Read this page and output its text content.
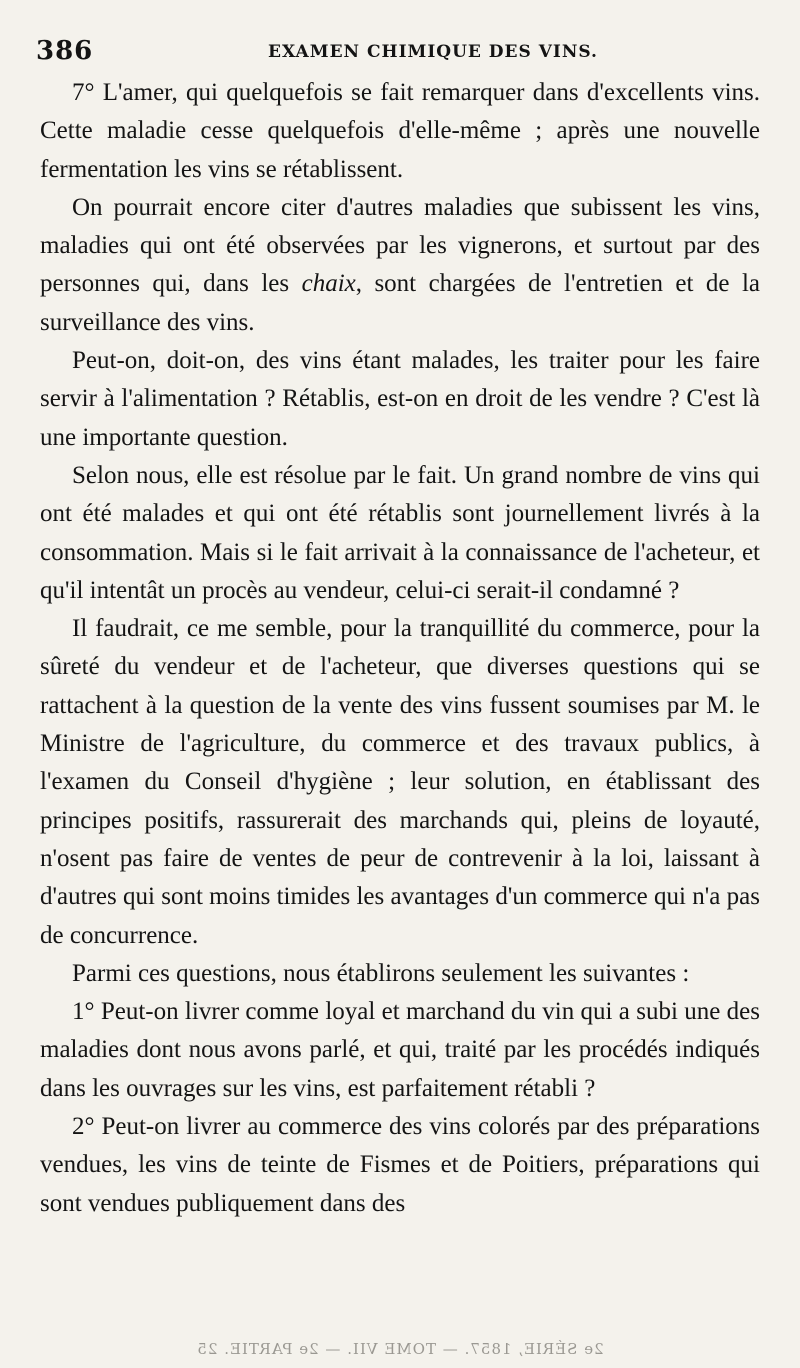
386	EXAMEN CHIMIQUE DES VINS.

7° L'amer, qui quelquefois se fait remarquer dans d'excellents vins. Cette maladie cesse quelquefois d'elle-même ; après une nouvelle fermentation les vins se rétablissent.

On pourrait encore citer d'autres maladies que subissent les vins, maladies qui ont été observées par les vignerons, et surtout par des personnes qui, dans les chaix, sont chargées de l'entretien et de la surveillance des vins.

Peut-on, doit-on, des vins étant malades, les traiter pour les faire servir à l'alimentation ? Rétablis, est-on en droit de les vendre ? C'est là une importante question.

Selon nous, elle est résolue par le fait. Un grand nombre de vins qui ont été malades et qui ont été rétablis sont journellement livrés à la consommation. Mais si le fait arrivait à la connaissance de l'acheteur, et qu'il intentât un procès au vendeur, celui-ci serait-il condamné ?

Il faudrait, ce me semble, pour la tranquillité du commerce, pour la sûreté du vendeur et de l'acheteur, que diverses questions qui se rattachent à la question de la vente des vins fussent soumises par M. le Ministre de l'agriculture, du commerce et des travaux publics, à l'examen du Conseil d'hygiène ; leur solution, en établissant des principes positifs, rassurerait des marchands qui, pleins de loyauté, n'osent pas faire de ventes de peur de contrevenir à la loi, laissant à d'autres qui sont moins timides les avantages d'un commerce qui n'a pas de concurrence.

Parmi ces questions, nous établirons seulement les suivantes :

1° Peut-on livrer comme loyal et marchand du vin qui a subi une des maladies dont nous avons parlé, et qui, traité par les procédés indiqués dans les ouvrages sur les vins, est parfaitement rétabli ?

2° Peut-on livrer au commerce des vins colorés par des préparations vendues, les vins de teinte de Fismes et de Poitiers, préparations qui sont vendues publiquement dans des

2e SÉRIE, 1857. — TOME VII. — 2e PARTIE. 25
